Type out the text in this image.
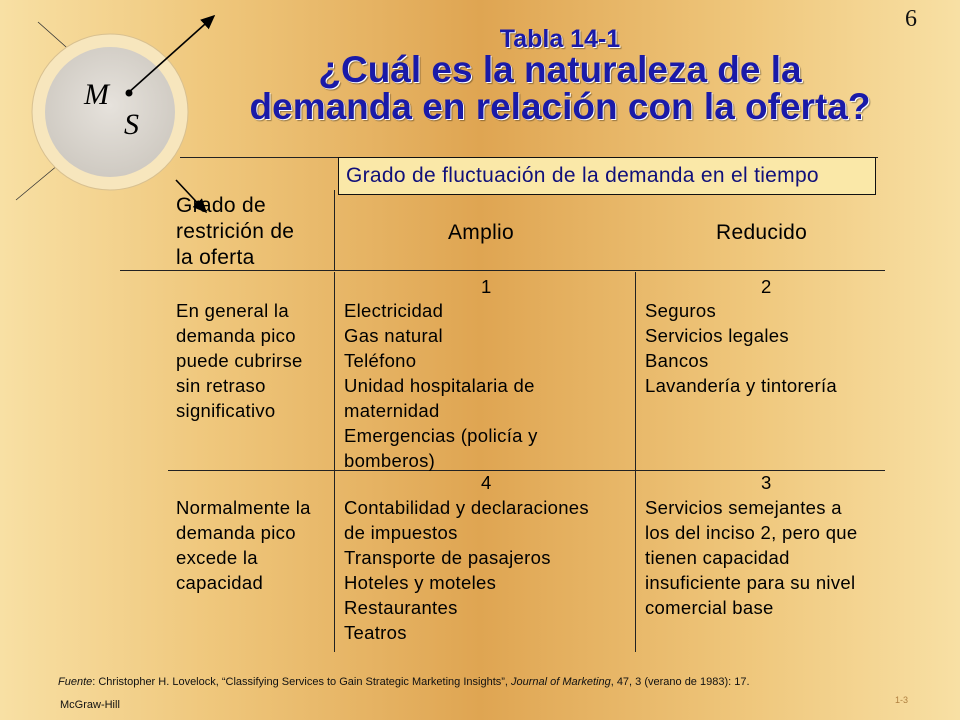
M
S
6
Tabla 14-1
¿Cuál es la naturaleza de la
demanda en relación con la oferta?
Grado de fluctuación de la demanda en el tiempo
Grado de
restrición de
la oferta
Amplio	Reducido
En general la
demanda pico
puede cubrirse
sin retraso
significativo
1
Electricidad
Gas natural
Teléfono
Unidad hospitalaria de
maternidad
Emergencias (policía y
bomberos)
2
Seguros
Servicios legales
Bancos
Lavandería y tintorería
Normalmente la
demanda pico
excede la
capacidad
4
Contabilidad y declaraciones
de impuestos
Transporte de pasajeros
Hoteles y moteles
Restaurantes
Teatros
3
Servicios semejantes a
los del inciso 2, pero que
tienen capacidad
insuficiente para su nivel
comercial base
Fuente: Christopher H. Lovelock, “Classifying Services to Gain Strategic Marketing Insights”, Journal of Marketing, 47, 3 (verano de 1983): 17.
McGraw-Hill	1-3
